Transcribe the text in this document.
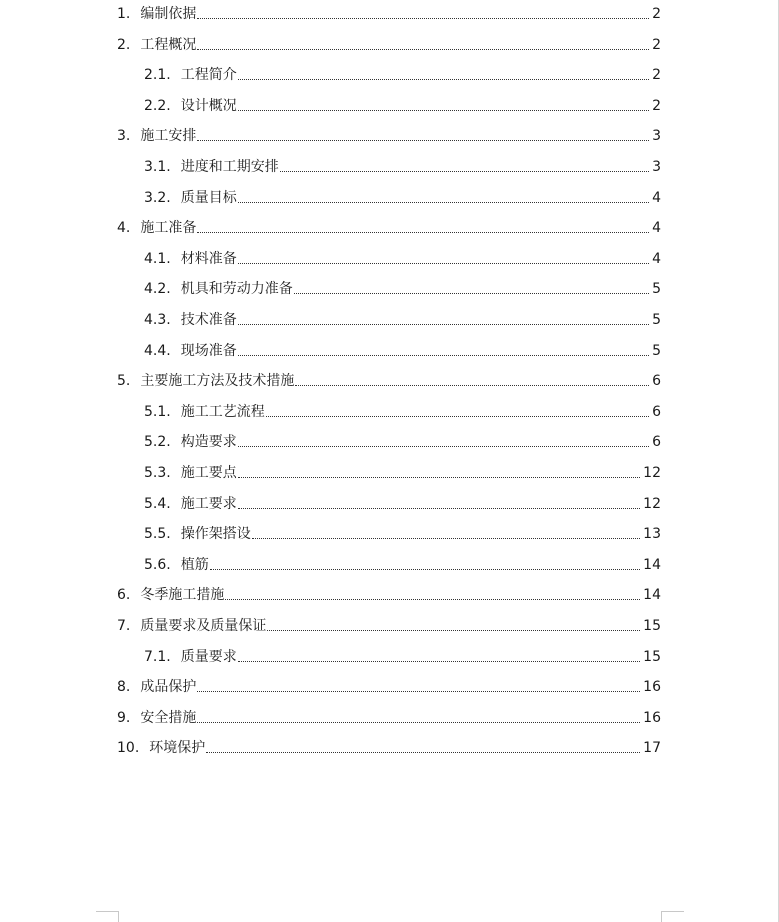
1. 编制依据	2
2. 工程概况	2
2.1. 工程简介	2
2.2. 设计概况	2
3. 施工安排	3
3.1. 进度和工期安排	3
3.2. 质量目标	4
4. 施工准备	4
4.1. 材料准备	4
4.2. 机具和劳动力准备	5
4.3. 技术准备	5
4.4. 现场准备	5
5. 主要施工方法及技术措施	6
5.1. 施工工艺流程	6
5.2. 构造要求	6
5.3. 施工要点	12
5.4. 施工要求	12
5.5. 操作架搭设	13
5.6. 植筋	14
6. 冬季施工措施	14
7. 质量要求及质量保证	15
7.1. 质量要求	15
8. 成品保护	16
9. 安全措施	16
10. 环境保护	17
